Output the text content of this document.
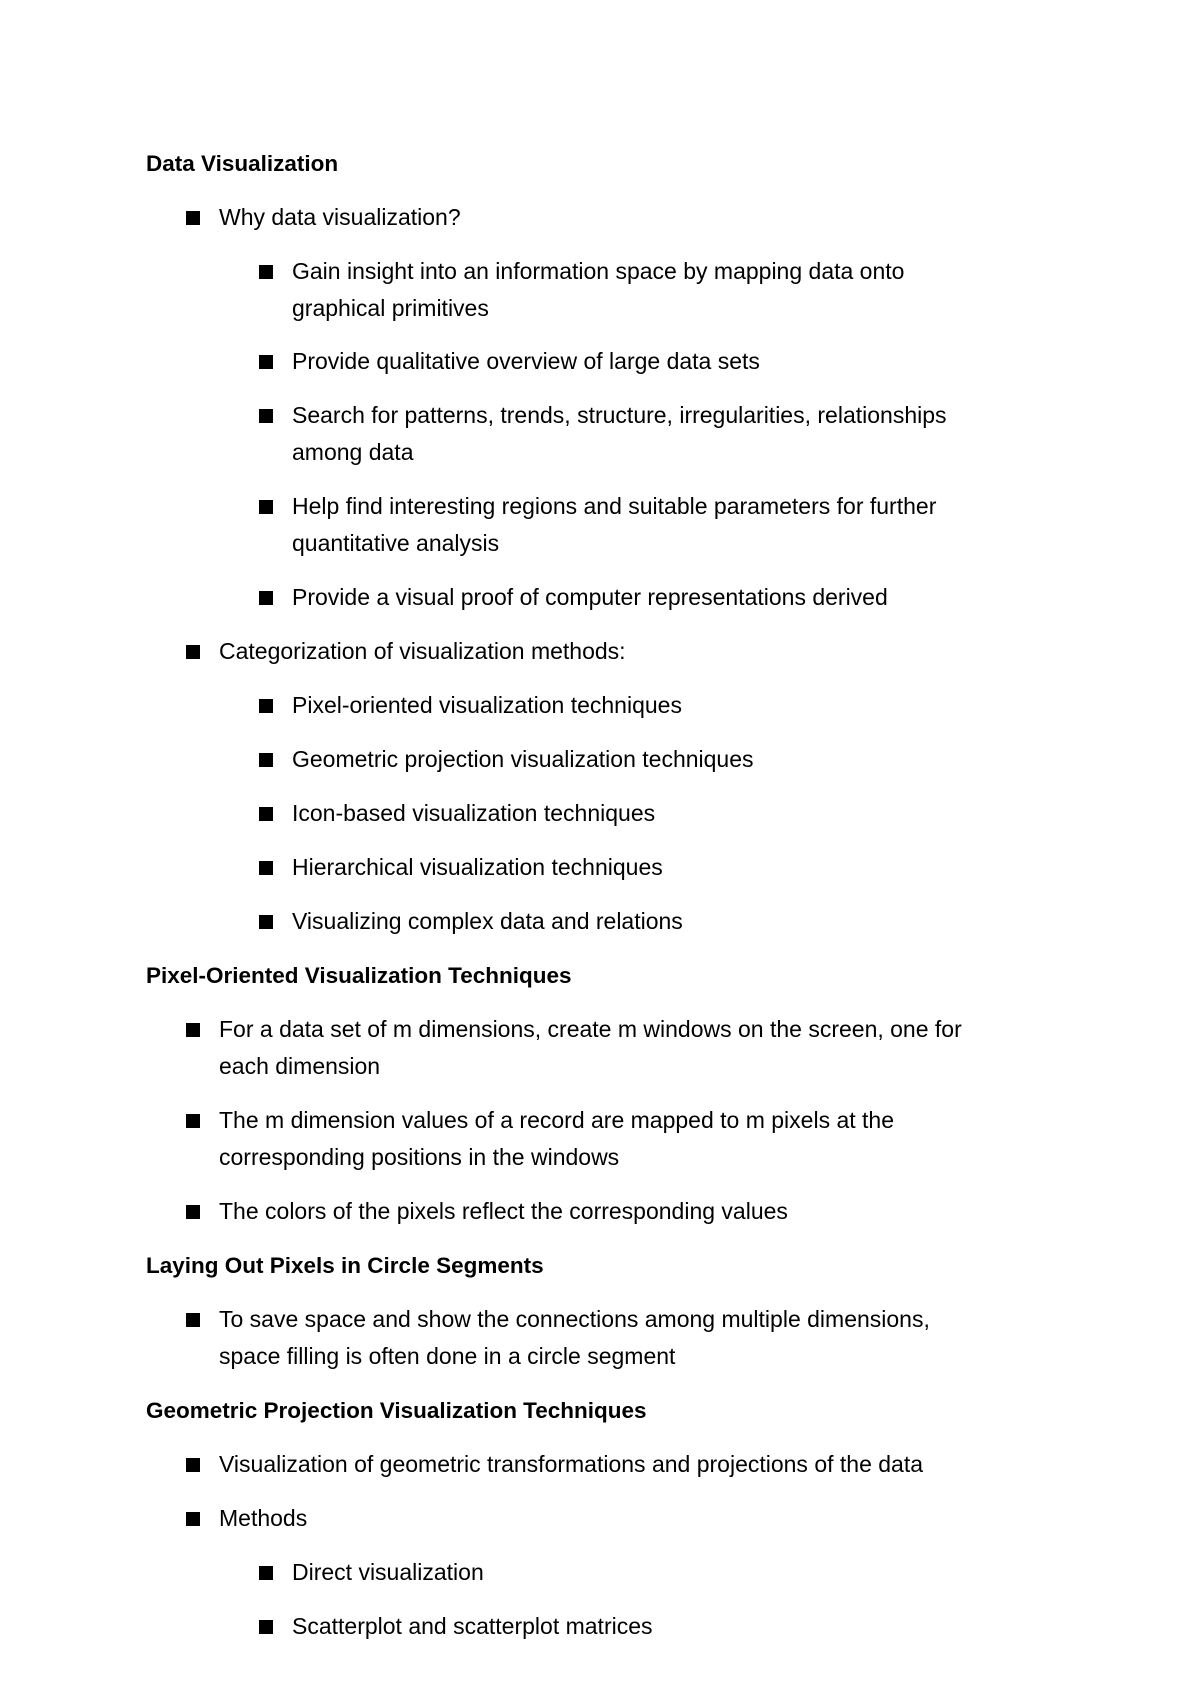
Data Visualization
Why data visualization?
Gain insight into an information space by mapping data onto
graphical primitives
Provide qualitative overview of large data sets
Search for patterns, trends, structure, irregularities, relationships
among data
Help find interesting regions and suitable parameters for further
quantitative analysis
Provide a visual proof of computer representations derived
Categorization of visualization methods:
Pixel-oriented visualization techniques
Geometric projection visualization techniques
Icon-based visualization techniques
Hierarchical visualization techniques
Visualizing complex data and relations
Pixel-Oriented Visualization Techniques
For a data set of m dimensions, create m windows on the screen, one for
each dimension
The m dimension values of a record are mapped to m pixels at the
corresponding positions in the windows
The colors of the pixels reflect the corresponding values
Laying Out Pixels in Circle Segments
To save space and show the connections among multiple dimensions,
space filling is often done in a circle segment
Geometric Projection Visualization Techniques
Visualization of geometric transformations and projections of the data
Methods
Direct visualization
Scatterplot and scatterplot matrices
